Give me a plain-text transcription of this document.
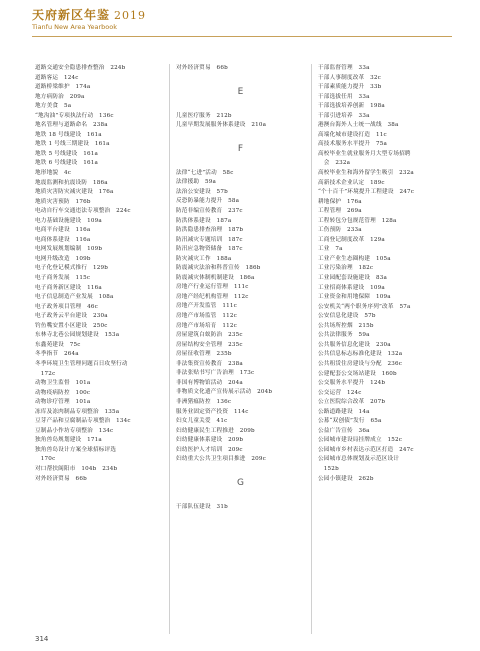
天府新区年鉴 2019
Tianfu New Area Yearbook
道路交通安全隐患排查整治　224b
道路客运　124c
道路桥梁维护　174a
地方病防治　209a
地方美食　5a
“地沟油”专项执法行动　136c
地名管理与道路命名　238a
地铁 18 号线建设　161a
地铁 1 号线三期建设　161a
地铁 5 号线建设　161a
地铁 6 号线建设　161a
地形地貌　4c
地震监测和抗震设防　186a
地质灾害防灾减灾建设　176a
地质灾害预防　176b
电动自行车交通违法专项整治　224c
电力基础设施建设　109a
电商平台建设　116a
电商体系建设　116a
电网发展规划编制　109b
电网升级改造　109b
电子化登记模式推行　129b
电子商务发展　115c
电子商务新区建设　116a
电子信息制造产业发展　108a
电子政务项目管理　46c
电子政务云平台建设　230a
钓鱼嘴安置小区建设　250c
东林寺北巷公园规划建设　153a
东鑫苑建设　75c
冬季指节　264a
冬季环境卫生管理问题百日攻坚行动
　172c
动物卫生监督　101a
动物疫病防控　100c
动物诊疗管理　101a
冻库及冻肉制品专项整治　135a
豆芽产品和豆腐制品专项整治　134c
豆制品小作坊专项整治　134c
独角兽岛规划建设　171a
独角兽岛设计方案全球招标评选
　170c
对口帮扶阆阳市　104b　234b
对外经济贸易　66b
对外经济贸易　66b
E
儿童医疗服务　212b
儿童早期发展服务体系建设　210a
F
法律“七进”活动　58c
法律援助　59a
法治公安建设　57b
反恐防暴能力提升　58a
防范非编宣传教育　237c
防洪体系建设　187a
防洪隐患排查治理　187b
防汛减灾专题培训　187c
防汛应急物资储备　187c
防灾减灾工作　188a
防震减灾法治和科普宣传　186b
防震减灾体制机制建设　186a
房地产行业运行管理　111c
房地产经纪机构管理　112c
房地产开发监管　111c
房地产市场监管　112c
房地产市场培育　112c
房屋建筑白蚁防治　235c
房屋结构安全管理　235c
房屋征收管理　235b
非法集资宣传教育　238a
非法张贴书写广告治理　173c
非国有博物馆活动　204a
非物质文化遗产宣传展示活动　204b
非洲猪瘟防控　136c
服务业固定资产投资　114c
妇女儿童关爱　41c
妇幼健康民生工程推进　209b
妇幼健康体系建设　209b
妇幼医护人才培训　209c
妇幼重大公共卫生项目推进　209c
G
干部队伍建设　31b
干部监督管理　33a
干部人事制度改革　32c
干部素质能力提升　33b
干部选拔任用　33a
干部选拔培养创新　198a
干部引进培养　33a
港澳台海外人士统一战线　38a
高端化城市建设打造　11c
高技术服务水平提升　75a
高校毕业生就业服务月大型专场招聘
　会　232a
高校毕业生和海外留学生吸引　232a
高新技术企业认定　189c
“个十百千”环境提升工程建设　247c
耕地保护　176a
工程管理　269a
工程转包分包规范管理　128a
工伤预防　233a
工商登记制度改革　129a
工业　7a
工业产业生态圈构建　105a
工业污染治理　182c
工业园配套设施建设　83a
工业招商体系建设　109a
工业资金和用地保障　109a
公安机关“两个职务序列”改革　57a
公安信息化建设　57b
公共场所控烟　215b
公共法律服务　59a
公共服务信息化建设　230a
公共信息标志标准化建设　132a
公共租赁住房建设与分配　236c
公建配套公交场站建设　160b
公交服务水平提升　124b
公交运营　124c
公立医院综合改革　207b
公路道路建设　14a
公募“双创债”发行　65a
公益广告宣传　36a
公园城市建设局挂牌成立　152c
公园城市乡村表达示范区打造　247c
公园城市总体规划及示范区设计
　152b
公园小镇建设　262b
314
